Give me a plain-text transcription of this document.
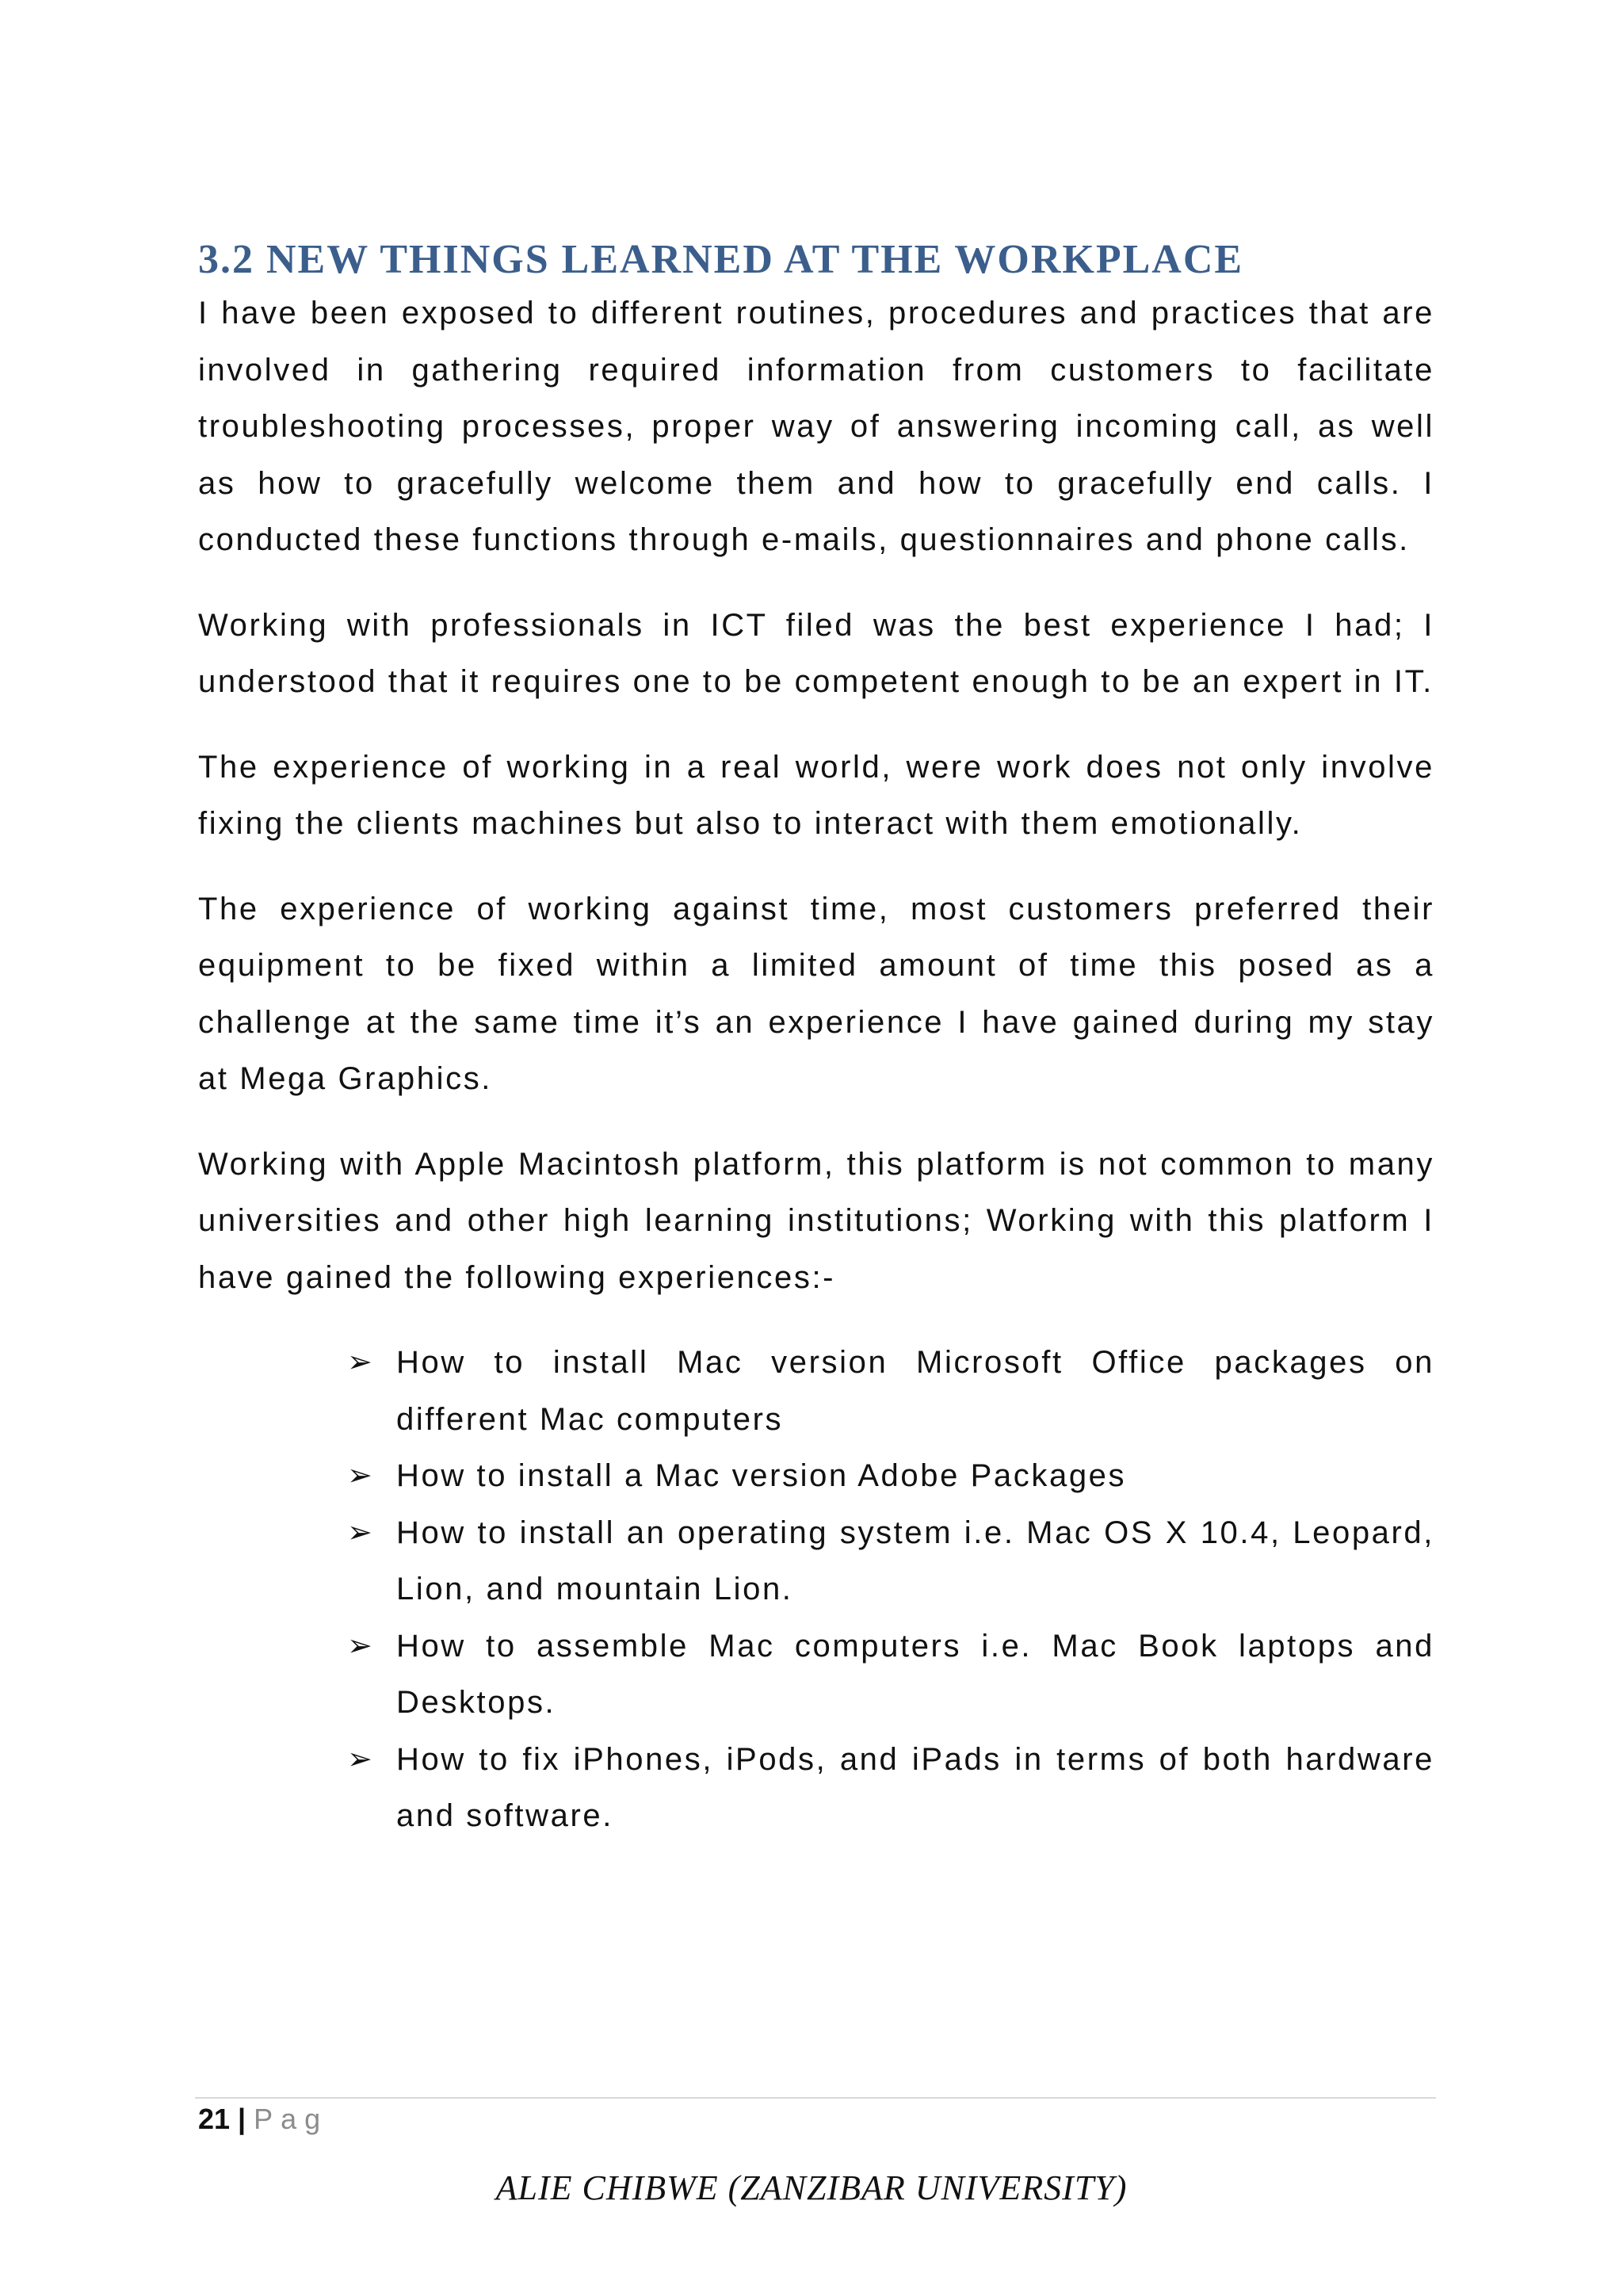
3.2 NEW THINGS LEARNED AT THE WORKPLACE

I have been exposed to different routines, procedures and practices that are involved in gathering required information from customers to facilitate troubleshooting processes, proper way of answering incoming call, as well as how to gracefully welcome them and how to gracefully end calls. I conducted these functions through e-mails, questionnaires and phone calls.

Working with professionals in ICT filed was the best experience I had; I understood that it requires one to be competent enough to be an expert in IT.

The experience of working in a real world, were work does not only involve fixing the clients machines but also to interact with them emotionally.

The experience of working against time, most customers preferred their equipment to be fixed within a limited amount of time this posed as a challenge at the same time it’s an experience I have gained during my stay at Mega Graphics.

Working with Apple Macintosh platform, this platform is not common to many universities and other high learning institutions; Working with this platform I have gained the following experiences:-

➢ How to install Mac version Microsoft Office packages on different Mac computers
➢ How to install a Mac version Adobe Packages
➢ How to install an operating system i.e. Mac OS X 10.4, Leopard, Lion, and mountain Lion.
➢ How to assemble Mac computers i.e. Mac Book laptops and Desktops.
➢ How to fix iPhones, iPods, and iPads in terms of both hardware and software.
21 | Pag
ALIE CHIBWE (ZANZIBAR UNIVERSITY)
